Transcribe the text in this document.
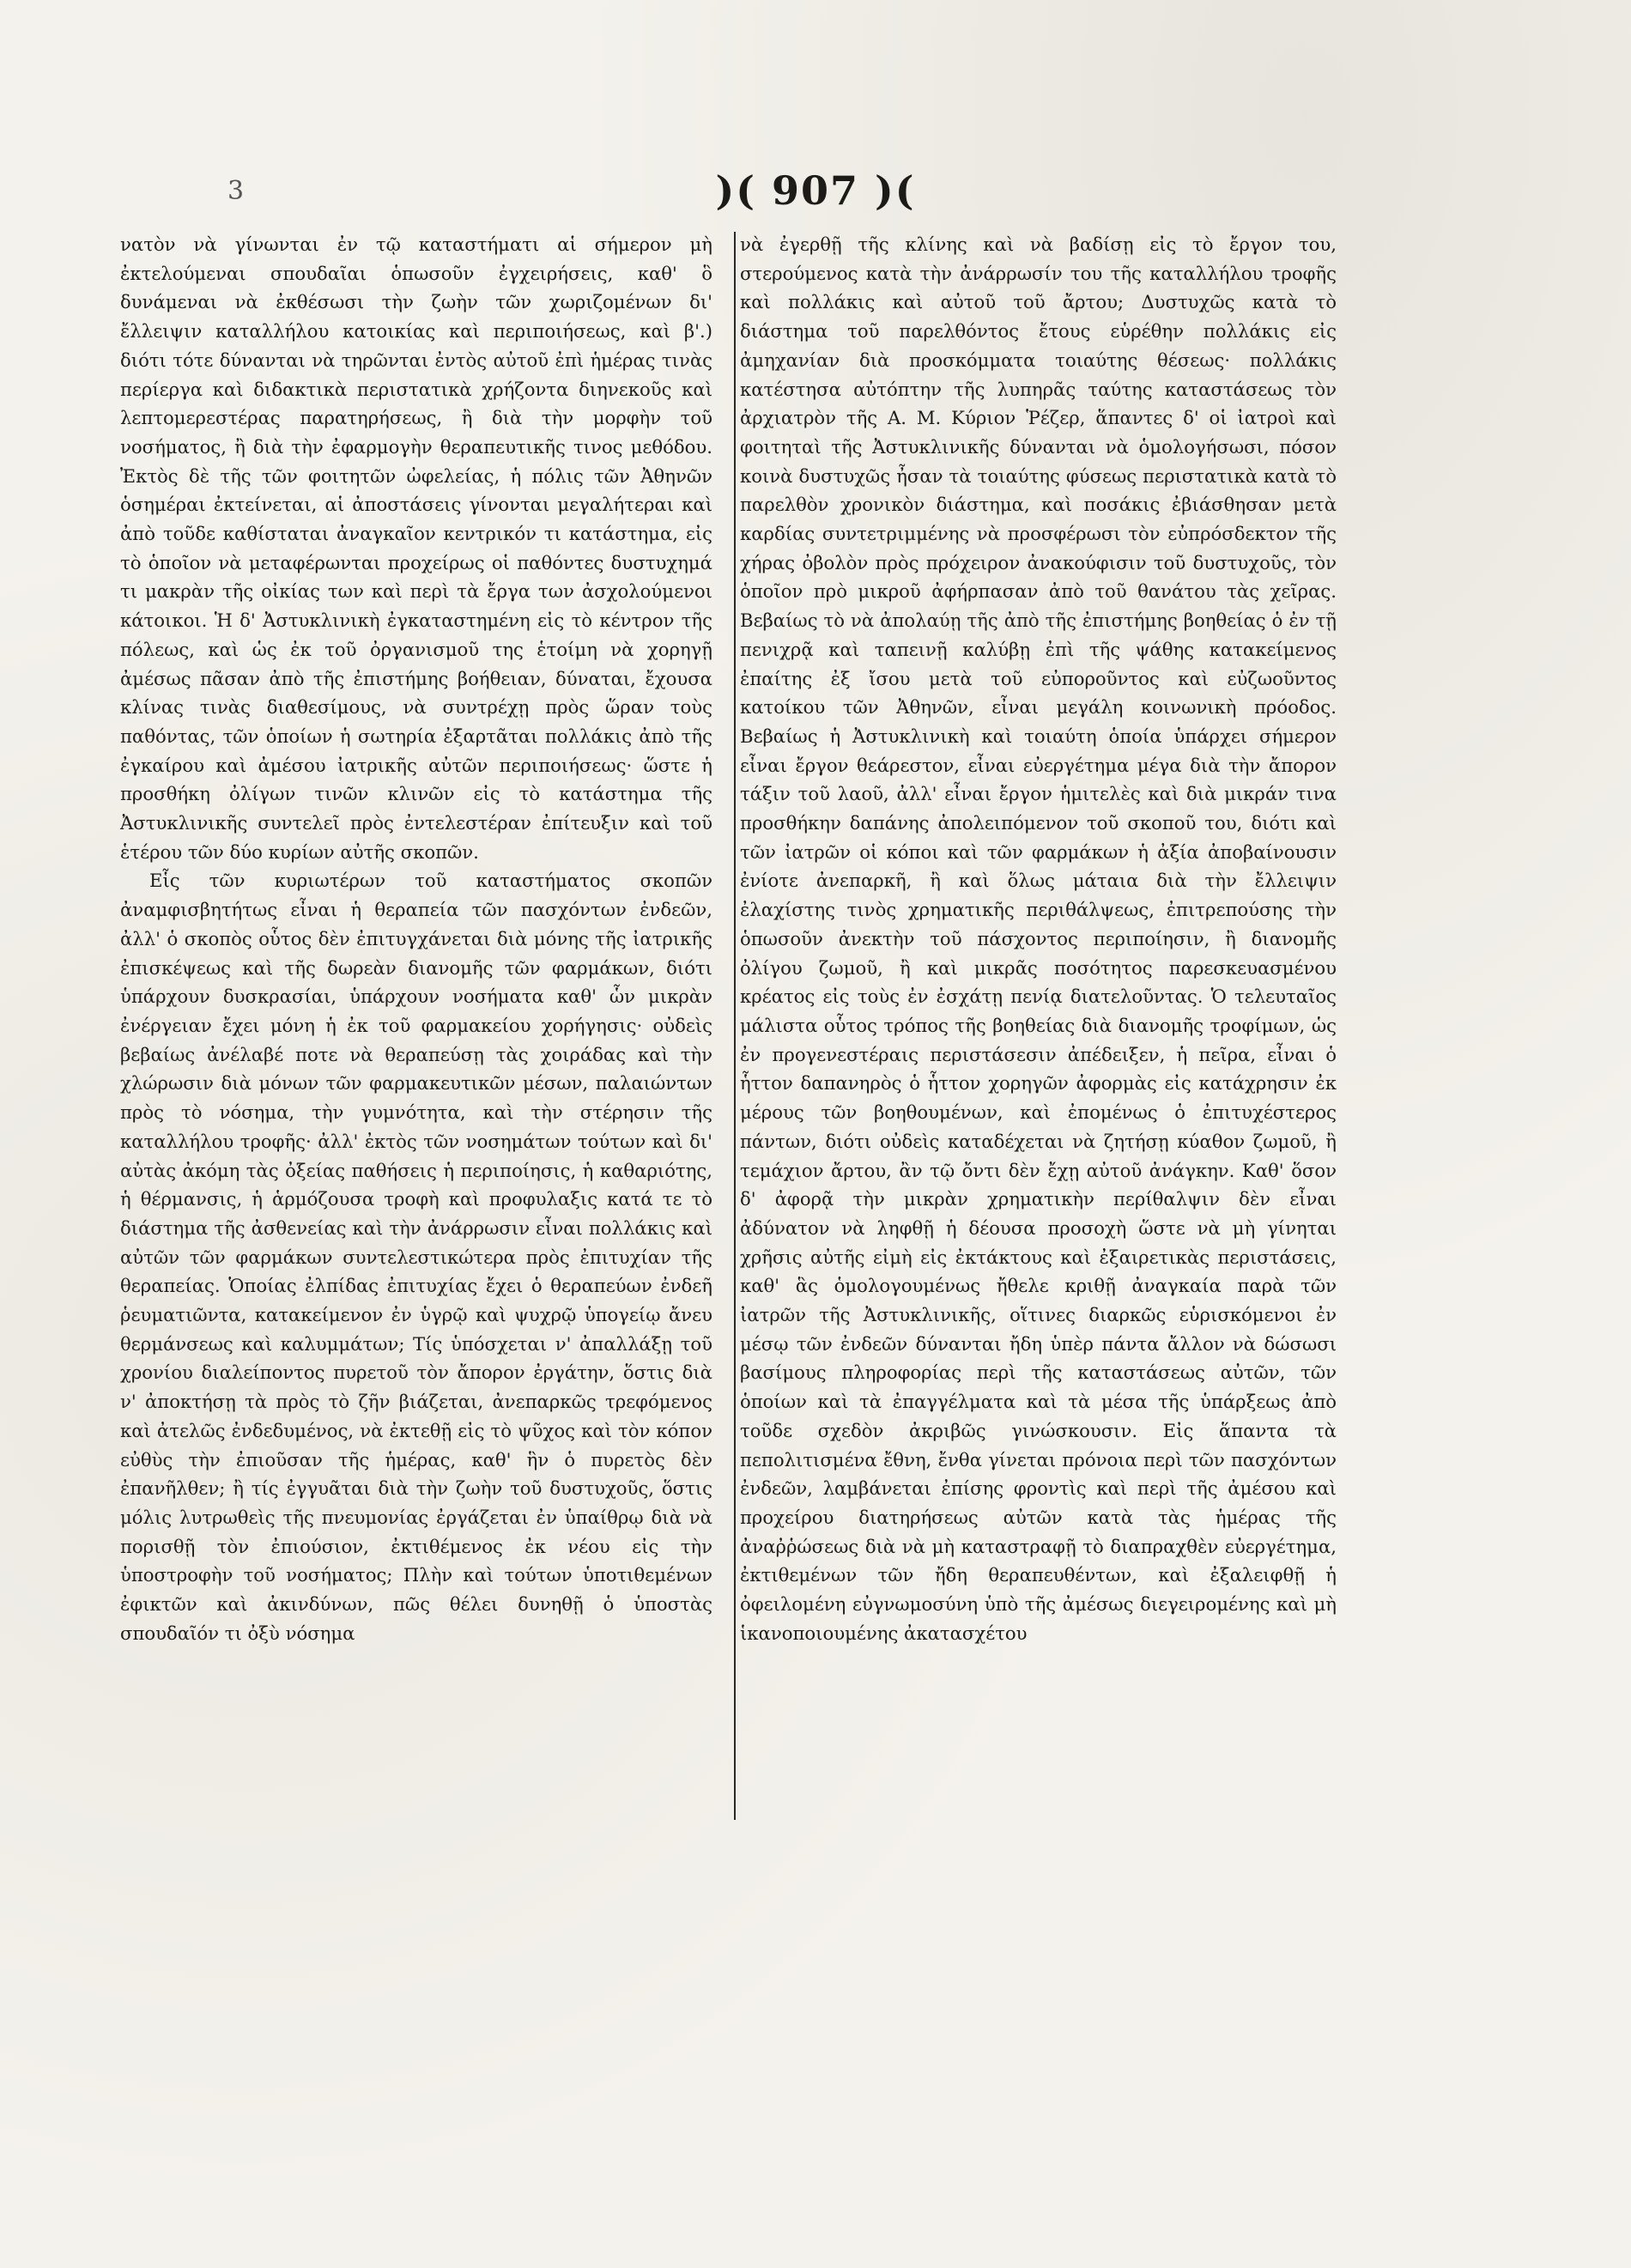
3	)( 907 )(

νατὸν νὰ γίνωνται ἐν τῷ καταστήματι αἱ σήμερον μὴ ἐκτελούμεναι σπουδαῖαι ὁπωσοῦν ἐγχειρήσεις, καθ' ὃ δυνάμεναι νὰ ἐκθέσωσι τὴν ζωὴν τῶν χωριζομένων δι' ἔλλειψιν καταλλήλου κατοικίας καὶ περιποιήσεως, καὶ β'.) διότι τότε δύνανται νὰ τηρῶνται ἐντὸς αὐτοῦ ἐπὶ ἡμέρας τινὰς περίεργα καὶ διδακτικὰ περιστατικὰ χρήζοντα διηνεκοῦς καὶ λεπτομερεστέρας παρατηρήσεως, ἢ διὰ τὴν μορφὴν τοῦ νοσήματος, ἢ διὰ τὴν ἐφαρμογὴν θεραπευτικῆς τινος μεθόδου. Ἐκτὸς δὲ τῆς τῶν φοιτητῶν ὠφελείας, ἡ πόλις τῶν Ἀθηνῶν ὁσημέραι ἐκτείνεται, αἱ ἀποστάσεις γίνονται μεγαλήτεραι καὶ ἀπὸ τοῦδε καθίσταται ἀναγκαῖον κεντρικόν τι κατάστημα, εἰς τὸ ὁποῖον νὰ μεταφέρωνται προχείρως οἱ παθόντες δυστυχημά τι μακρὰν τῆς οἰκίας των καὶ περὶ τὰ ἔργα των ἀσχολούμενοι κάτοικοι. Ἡ δ' Ἀστυκλινικὴ ἐγκαταστημένη εἰς τὸ κέντρον τῆς πόλεως, καὶ ὡς ἐκ τοῦ ὀργανισμοῦ της ἑτοίμη νὰ χορηγῇ ἀμέσως πᾶσαν ἀπὸ τῆς ἐπιστήμης βοήθειαν, δύναται, ἔχουσα κλίνας τινὰς διαθεσίμους, νὰ συντρέχῃ πρὸς ὥραν τοὺς παθόντας, τῶν ὁποίων ἡ σωτηρία ἐξαρτᾶται πολλάκις ἀπὸ τῆς ἐγκαίρου καὶ ἀμέσου ἰατρικῆς αὐτῶν περιποιήσεως· ὥστε ἡ προσθήκη ὀλίγων τινῶν κλινῶν εἰς τὸ κατάστημα τῆς Ἀστυκλινικῆς συντελεῖ πρὸς ἐντελεστέραν ἐπίτευξιν καὶ τοῦ ἑτέρου τῶν δύο κυρίων αὐτῆς σκοπῶν.

Εἷς τῶν κυριωτέρων τοῦ καταστήματος σκοπῶν ἀναμφισβητήτως εἶναι ἡ θεραπεία τῶν πασχόντων ἐνδεῶν, ἀλλ' ὁ σκοπὸς οὗτος δὲν ἐπιτυγχάνεται διὰ μόνης τῆς ἰατρικῆς ἐπισκέψεως καὶ τῆς δωρεὰν διανομῆς τῶν φαρμάκων, διότι ὑπάρχουν δυσκρασίαι, ὑπάρχουν νοσήματα καθ' ὧν μικρὰν ἐνέργειαν ἔχει μόνη ἡ ἐκ τοῦ φαρμακείου χορήγησις· οὐδεὶς βεβαίως ἀνέλαβέ ποτε νὰ θεραπεύσῃ τὰς χοιράδας καὶ τὴν χλώρωσιν διὰ μόνων τῶν φαρμακευτικῶν μέσων, παλαιώντων πρὸς τὸ νόσημα, τὴν γυμνότητα, καὶ τὴν στέρησιν τῆς καταλλήλου τροφῆς· ἀλλ' ἐκτὸς τῶν νοσημάτων τούτων καὶ δι' αὐτὰς ἀκόμη τὰς ὀξείας παθήσεις ἡ περιποίησις, ἡ καθαριότης, ἡ θέρμανσις, ἡ ἁρμόζουσα τροφὴ καὶ προφυλαξις κατά τε τὸ διάστημα τῆς ἀσθενείας καὶ τὴν ἀνάρρωσιν εἶναι πολλάκις καὶ αὐτῶν τῶν φαρμάκων συντελεστικώτερα πρὸς ἐπιτυχίαν τῆς θεραπείας. Ὁποίας ἐλπίδας ἐπιτυχίας ἔχει ὁ θεραπεύων ἐνδεῆ ῥευματιῶντα, κατακείμενον ἐν ὑγρῷ καὶ ψυχρῷ ὑπογείῳ ἄνευ θερμάνσεως καὶ καλυμμάτων; Τίς ὑπόσχεται ν' ἀπαλλάξῃ τοῦ χρονίου διαλείποντος πυρετοῦ τὸν ἄπορον ἐργάτην, ὅστις διὰ ν' ἀποκτήσῃ τὰ πρὸς τὸ ζῆν βιάζεται, ἀνεπαρκῶς τρεφόμενος καὶ ἀτελῶς ἐνδεδυμένος, νὰ ἐκτεθῇ εἰς τὸ ψῦχος καὶ τὸν κόπον εὐθὺς τὴν ἐπιοῦσαν τῆς ἡμέρας, καθ' ἣν ὁ πυρετὸς δὲν ἐπανῆλθεν; ἢ τίς ἐγγυᾶται διὰ τὴν ζωὴν τοῦ δυστυχοῦς, ὅστις μόλις λυτρωθεὶς τῆς πνευμονίας ἐργάζεται ἐν ὑπαίθρῳ διὰ νὰ πορισθῇ τὸν ἐπιούσιον, ἐκτιθέμενος ἐκ νέου εἰς τὴν ὑποστροφὴν τοῦ νοσήματος; Πλὴν καὶ τούτων ὑποτιθεμένων ἐφικτῶν καὶ ἀκινδύνων, πῶς θέλει δυνηθῇ ὁ ὑποστὰς σπουδαῖόν τι ὀξὺ νόσημα

νὰ ἐγερθῇ τῆς κλίνης καὶ νὰ βαδίσῃ εἰς τὸ ἔργον του, στερούμενος κατὰ τὴν ἀνάρρωσίν του τῆς καταλλήλου τροφῆς καὶ πολλάκις καὶ αὐτοῦ τοῦ ἄρτου; Δυστυχῶς κατὰ τὸ διάστημα τοῦ παρελθόντος ἔτους εὑρέθην πολλάκις εἰς ἀμηχανίαν διὰ προσκόμματα τοιαύτης θέσεως· πολλάκις κατέστησα αὐτόπτην τῆς λυπηρᾶς ταύτης καταστάσεως τὸν ἀρχιατρὸν τῆς Α. Μ. Κύριον Ῥέζερ, ἅπαντες δ' οἱ ἰατροὶ καὶ φοιτηταὶ τῆς Ἀστυκλινικῆς δύνανται νὰ ὁμολογήσωσι, πόσον κοινὰ δυστυχῶς ἦσαν τὰ τοιαύτης φύσεως περιστατικὰ κατὰ τὸ παρελθὸν χρονικὸν διάστημα, καὶ ποσάκις ἐβιάσθησαν μετὰ καρδίας συντετριμμένης νὰ προσφέρωσι τὸν εὐπρόσδεκτον τῆς χήρας ὀβολὸν πρὸς πρόχειρον ἀνακούφισιν τοῦ δυστυχοῦς, τὸν ὁποῖον πρὸ μικροῦ ἀφήρπασαν ἀπὸ τοῦ θανάτου τὰς χεῖρας. Βεβαίως τὸ νὰ ἀπολαύῃ τῆς ἀπὸ τῆς ἐπιστήμης βοηθείας ὁ ἐν τῇ πενιχρᾷ καὶ ταπεινῇ καλύβῃ ἐπὶ τῆς ψάθης κατακείμενος ἐπαίτης ἐξ ἴσου μετὰ τοῦ εὐποροῦντος καὶ εὐζωοῦντος κατοίκου τῶν Ἀθηνῶν, εἶναι μεγάλη κοινωνικὴ πρόοδος. Βεβαίως ἡ Ἀστυκλινικὴ καὶ τοιαύτη ὁποία ὑπάρχει σήμερον εἶναι ἔργον θεάρεστον, εἶναι εὐεργέτημα μέγα διὰ τὴν ἄπορον τάξιν τοῦ λαοῦ, ἀλλ' εἶναι ἔργον ἡμιτελὲς καὶ διὰ μικράν τινα προσθήκην δαπάνης ἀπολειπόμενον τοῦ σκοποῦ του, διότι καὶ τῶν ἰατρῶν οἱ κόποι καὶ τῶν φαρμάκων ἡ ἀξία ἀποβαίνουσιν ἐνίοτε ἀνεπαρκῆ, ἢ καὶ ὅλως μάταια διὰ τὴν ἔλλειψιν ἐλαχίστης τινὸς χρηματικῆς περιθάλψεως, ἐπιτρεπούσης τὴν ὁπωσοῦν ἀνεκτὴν τοῦ πάσχοντος περιποίησιν, ἢ διανομῆς ὀλίγου ζωμοῦ, ἢ καὶ μικρᾶς ποσότητος παρεσκευασμένου κρέατος εἰς τοὺς ἐν ἐσχάτῃ πενίᾳ διατελοῦντας. Ὁ τελευταῖος μάλιστα οὗτος τρόπος τῆς βοηθείας διὰ διανομῆς τροφίμων, ὡς ἐν προγενεστέραις περιστάσεσιν ἀπέδειξεν, ἡ πεῖρα, εἶναι ὁ ἧττον δαπανηρὸς ὁ ἧττον χορηγῶν ἀφορμὰς εἰς κατάχρησιν ἐκ μέρους τῶν βοηθουμένων, καὶ ἐπομένως ὁ ἐπιτυχέστερος πάντων, διότι οὐδεὶς καταδέχεται νὰ ζητήσῃ κύαθον ζωμοῦ, ἢ τεμάχιον ἄρτου, ἂν τῷ ὄντι δὲν ἔχῃ αὐτοῦ ἀνάγκην. Καθ' ὅσον δ' ἀφορᾷ τὴν μικρὰν χρηματικὴν περίθαλψιν δὲν εἶναι ἀδύνατον νὰ ληφθῇ ἡ δέουσα προσοχὴ ὥστε νὰ μὴ γίνηται χρῆσις αὐτῆς εἰμὴ εἰς ἐκτάκτους καὶ ἐξαιρετικὰς περιστάσεις, καθ' ἃς ὁμολογουμένως ἤθελε κριθῇ ἀναγκαία παρὰ τῶν ἰατρῶν τῆς Ἀστυκλινικῆς, οἵτινες διαρκῶς εὑρισκόμενοι ἐν μέσῳ τῶν ἐνδεῶν δύνανται ἤδη ὑπὲρ πάντα ἄλλον νὰ δώσωσι βασίμους πληροφορίας περὶ τῆς καταστάσεως αὐτῶν, τῶν ὁποίων καὶ τὰ ἐπαγγέλματα καὶ τὰ μέσα τῆς ὑπάρξεως ἀπὸ τοῦδε σχεδὸν ἀκριβῶς γινώσκουσιν. Εἰς ἅπαντα τὰ πεπολιτισμένα ἔθνη, ἔνθα γίνεται πρόνοια περὶ τῶν πασχόντων ἐνδεῶν, λαμβάνεται ἐπίσης φροντὶς καὶ περὶ τῆς ἀμέσου καὶ προχείρου διατηρήσεως αὐτῶν κατὰ τὰς ἡμέρας τῆς ἀναῤῥώσεως διὰ νὰ μὴ καταστραφῇ τὸ διαπραχθὲν εὐεργέτημα, ἐκτιθεμένων τῶν ἤδη θεραπευθέντων, καὶ ἐξαλειφθῇ ἡ ὀφειλομένη εὐγνωμοσύνη ὑπὸ τῆς ἀμέσως διεγειρομένης καὶ μὴ ἱκανοποιουμένης ἀκατασχέτου
